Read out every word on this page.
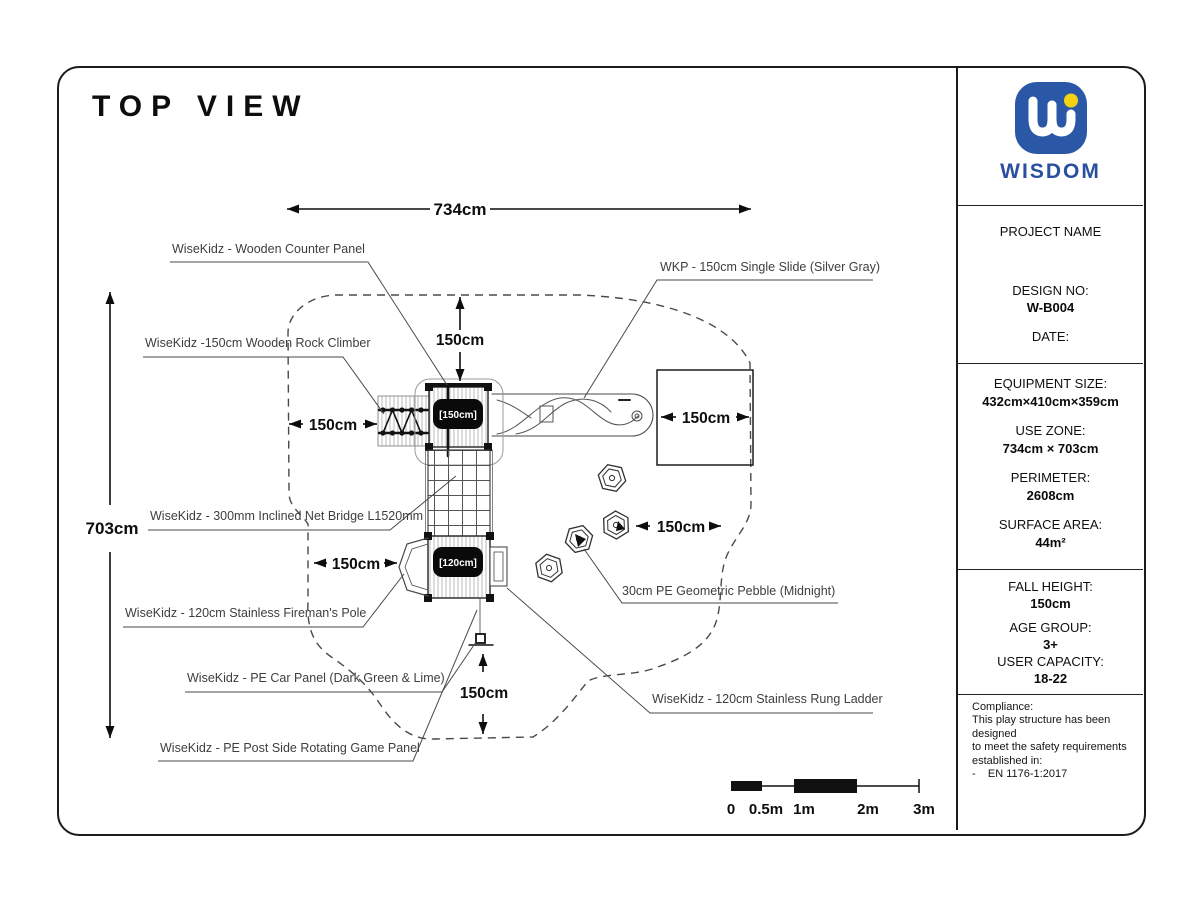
TOP VIEW
[150cm]
[120cm]
734cm
703cm
150cm
150cm	150cm
150cm
150cm
150cm
WiseKidz - Wooden Counter Panel
WiseKidz -150cm Wooden Rock Climber
WKP - 150cm Single Slide (Silver Gray)
WiseKidz - 300mm Inclined Net Bridge L1520mm
WiseKidz - 120cm Stainless Fireman's Pole
WiseKidz - PE Car Panel (Dark Green & Lime)
WiseKidz - PE Post Side Rotating Game Panel
WiseKidz - 120cm Stainless Rung Ladder
30cm PE Geometric Pebble (Midnight)
0 0.5m 1m	2m 3m
WISDOM
PROJECT NAME
DESIGN NO:
W-B004
DATE:
EQUIPMENT SIZE:
432cm×410cm×359cm
USE ZONE:
734cm × 703cm
PERIMETER:
2608cm
SURFACE AREA:
44m²
FALL HEIGHT:
150cm
AGE GROUP:
3+
USER CAPACITY:
18-22
Compliance:
This play structure has been designed
to meet the safety requirements
established in:
-    EN 1176-1:2017
